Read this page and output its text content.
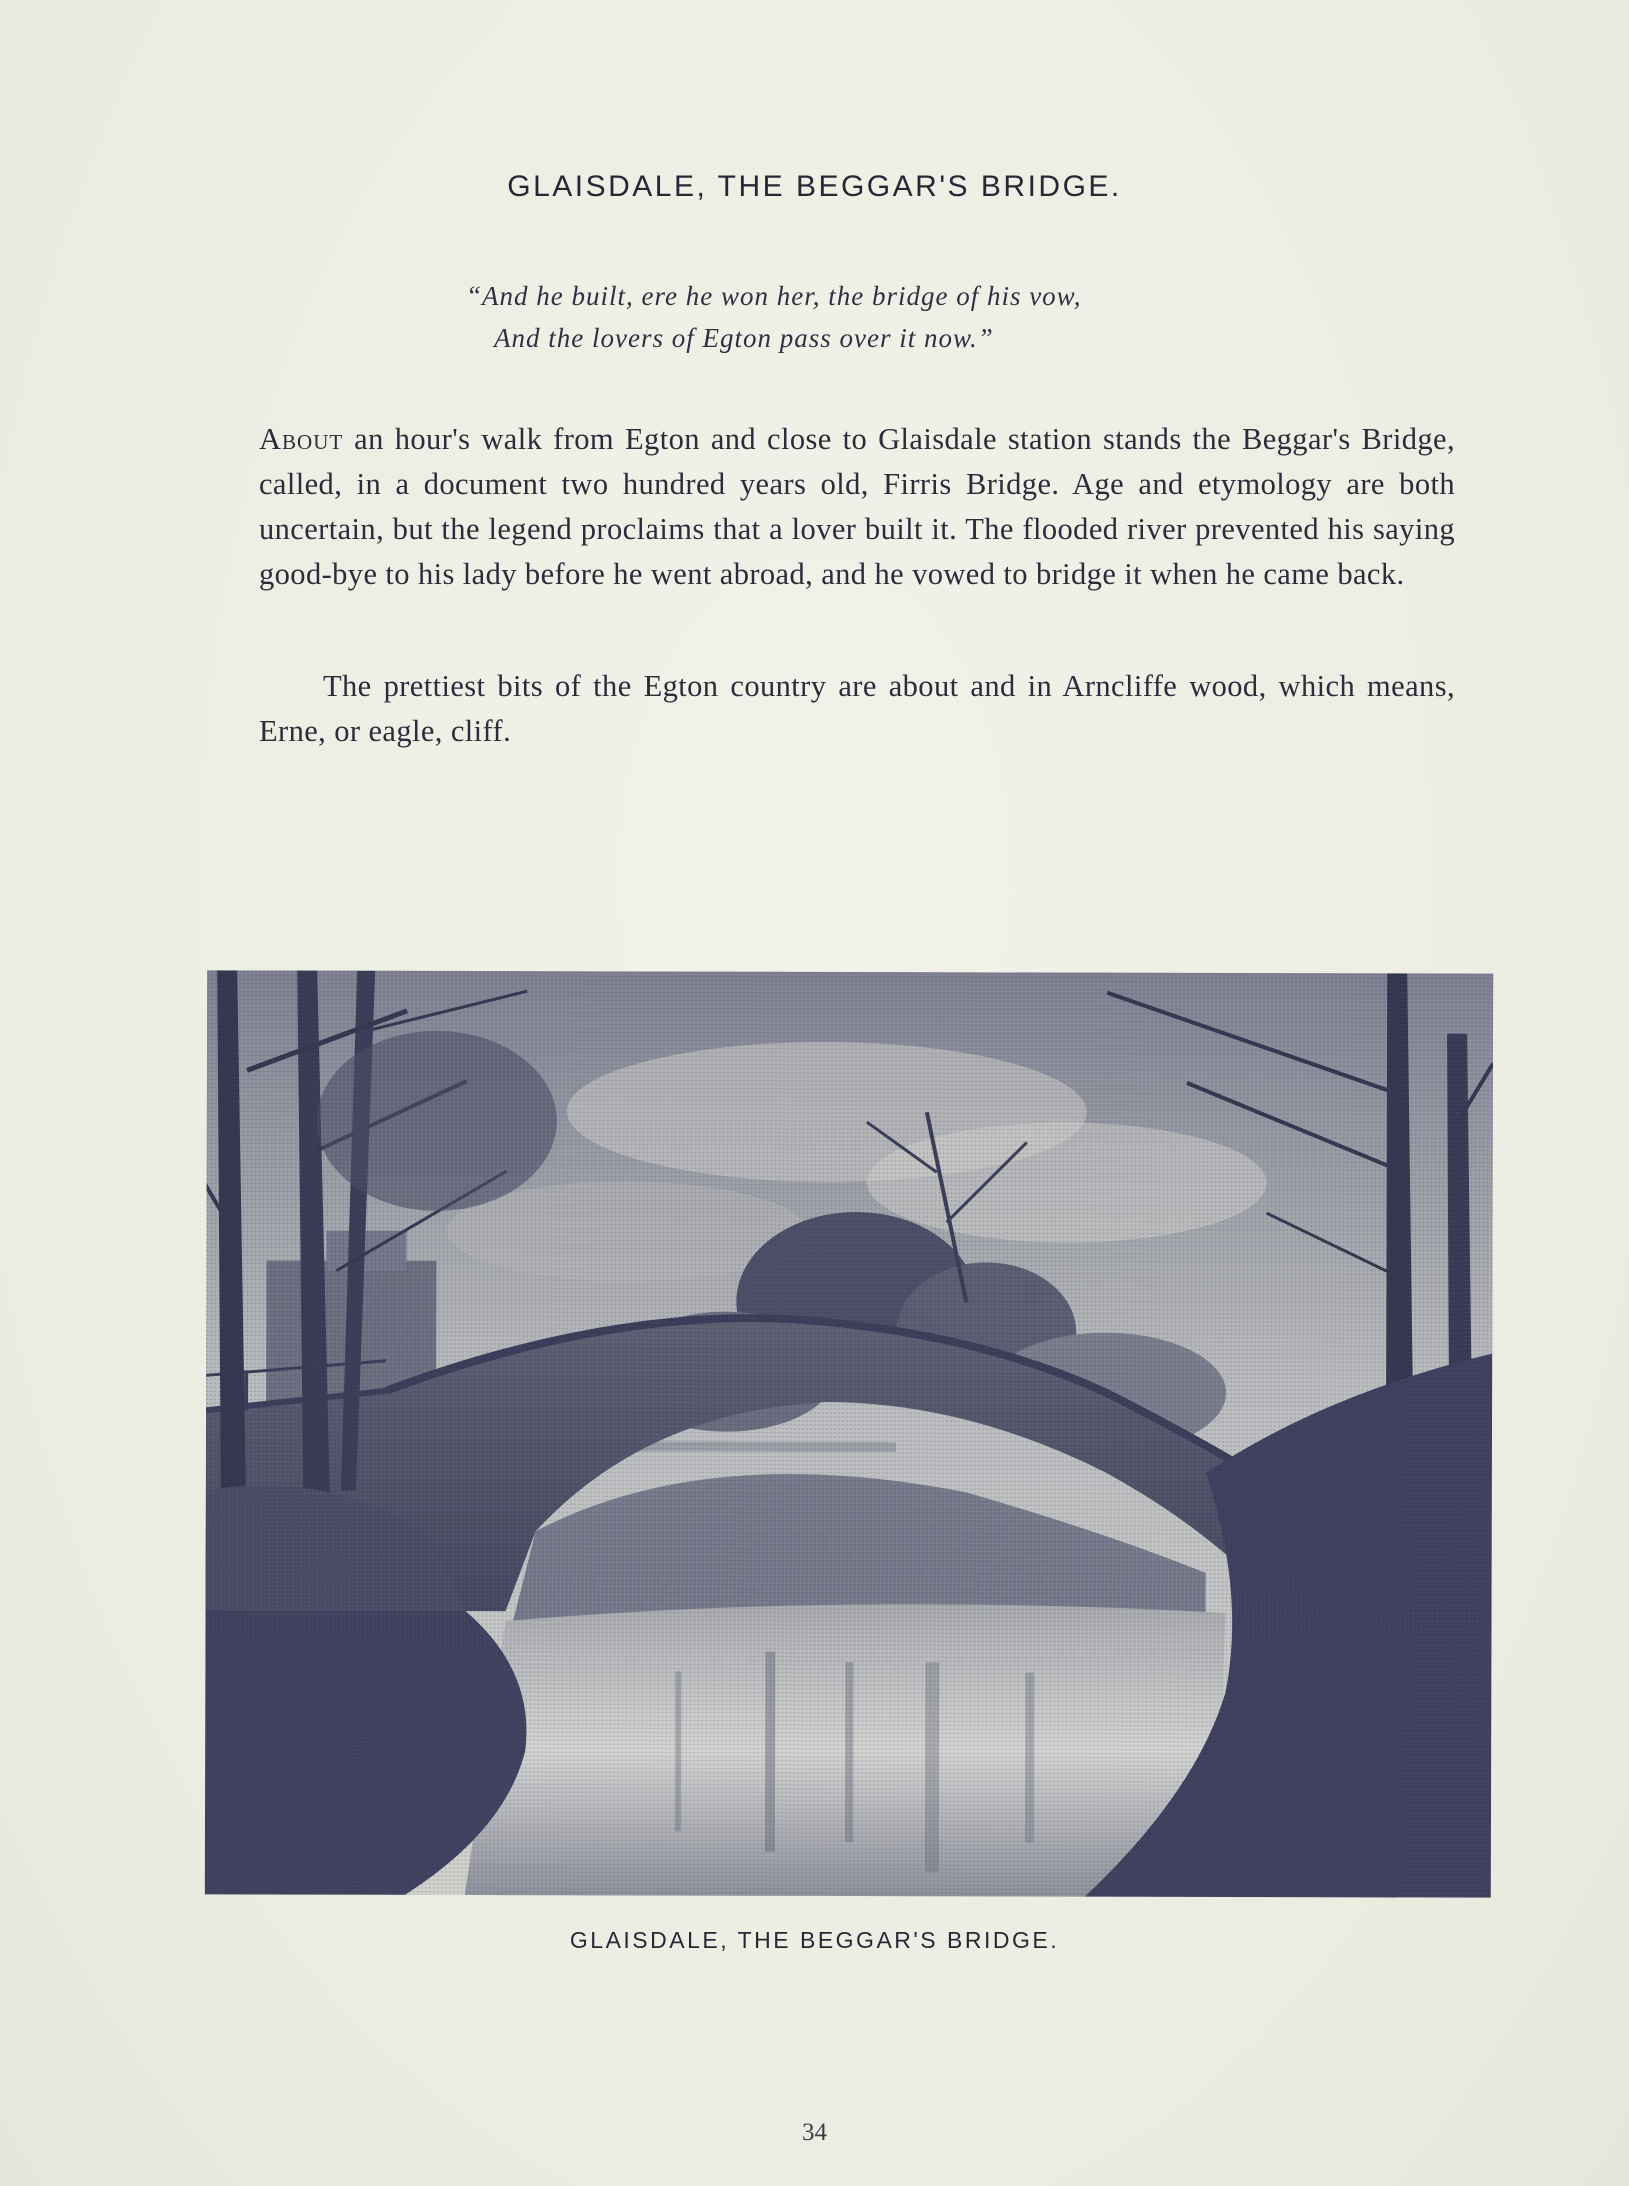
GLAISDALE, THE BEGGAR'S BRIDGE.
“And he built, ere he won her, the bridge of his vow,
And the lovers of Egton pass over it now.”
About an hour's walk from Egton and close to Glaisdale station stands the Beggar's Bridge, called, in a document two hundred years old, Firris Bridge. Age and etymology are both uncertain, but the legend proclaims that a lover built it. The flooded river prevented his saying good-bye to his lady before he went abroad, and he vowed to bridge it when he came back.
The prettiest bits of the Egton country are about and in Arncliffe wood, which means, Erne, or eagle, cliff.
GLAISDALE, THE BEGGAR'S BRIDGE.
34
